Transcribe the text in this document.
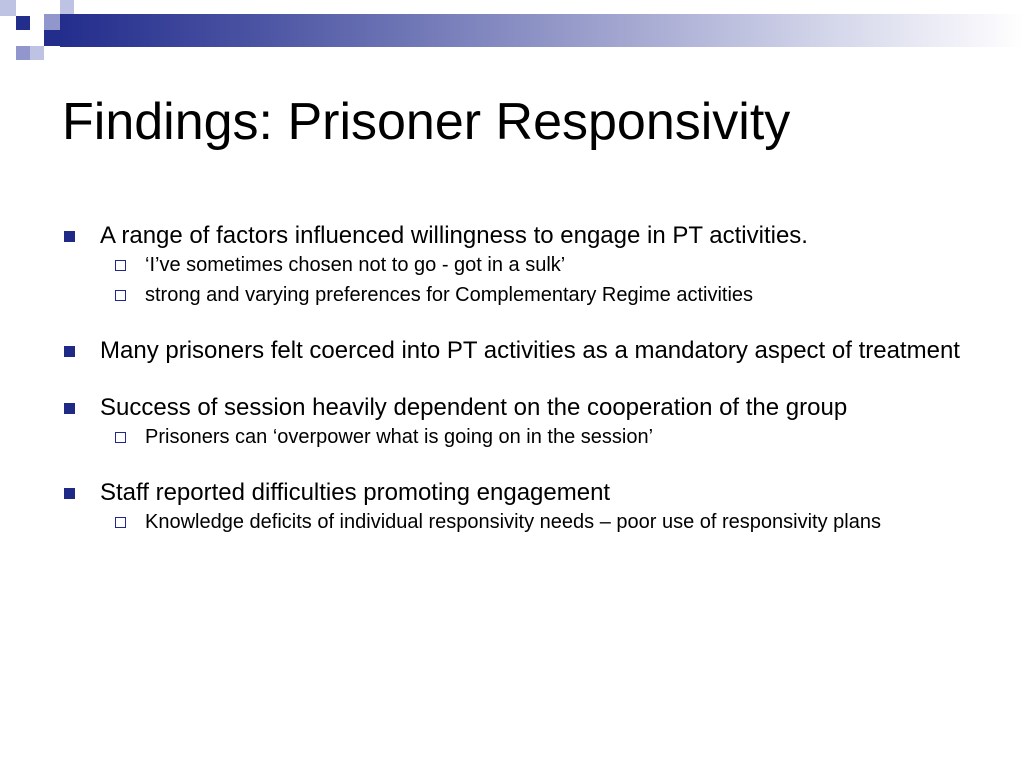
Findings: Prisoner Responsivity
A range of factors influenced willingness to engage in PT activities.
‘I’ve sometimes chosen not to go - got in a sulk’
strong and varying preferences for Complementary Regime activities
Many prisoners felt coerced into PT activities as a mandatory aspect of treatment
Success of session heavily dependent on the cooperation of the group
Prisoners can ‘overpower what is going on in the session’
Staff reported difficulties promoting engagement
Knowledge deficits of individual responsivity needs – poor use of responsivity plans
